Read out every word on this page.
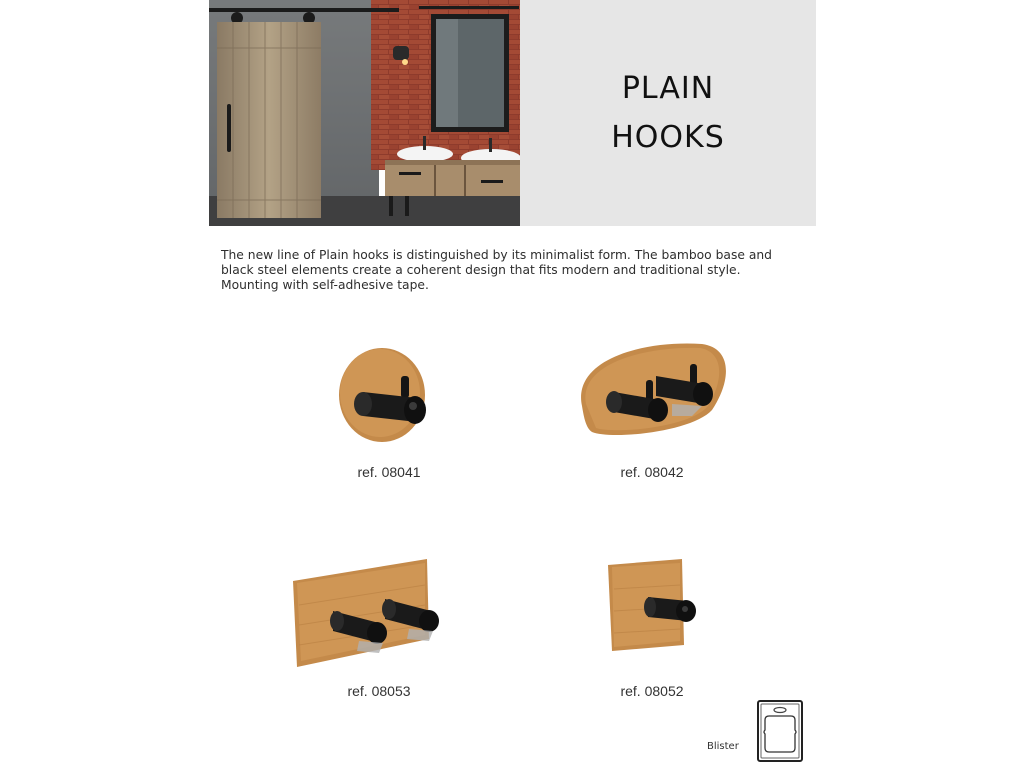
PLAIN
HOOKS

The new line of Plain hooks is distinguished by its minimalist form. The bamboo base and black steel elements create a coherent design that fits modern and traditional style. Mounting with self-adhesive tape.

ref. 08041	ref. 08042
ref. 08053	ref. 08052
Blister
